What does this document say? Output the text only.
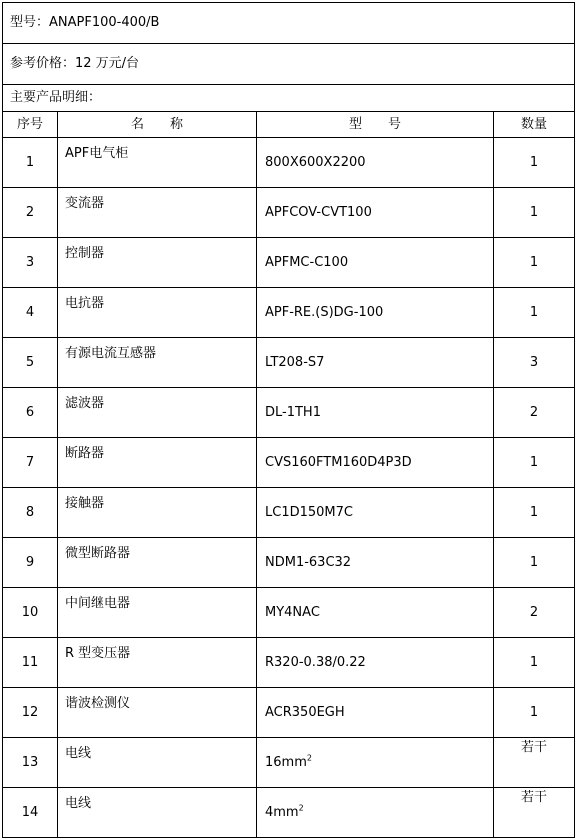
型号：ANAPF100-400/B			
参考价格：12 万元/台			
主要产品明细：			
序号	名　　称	型　　号	数量
1	APF电气柜	800X600X2200	1
2	变流器	APFCOV-CVT100	1
3	控制器	APFMC-C100	1
4	电抗器	APF-RE.(S)DG-100	1
5	有源电流互感器	LT208-S7	3
6	滤波器	DL-1TH1	2
7	断路器	CVS160FTM160D4P3D	1
8	接触器	LC1D150M7C	1
9	微型断路器	NDM1-63C32	1
10	中间继电器	MY4NAC	2
11	R 型变压器	R320-0.38/0.22	1
12	谐波检测仪	ACR350EGH	1
13	电线	$16mm^2$	若干
14	电线	$4mm^2$	若干
